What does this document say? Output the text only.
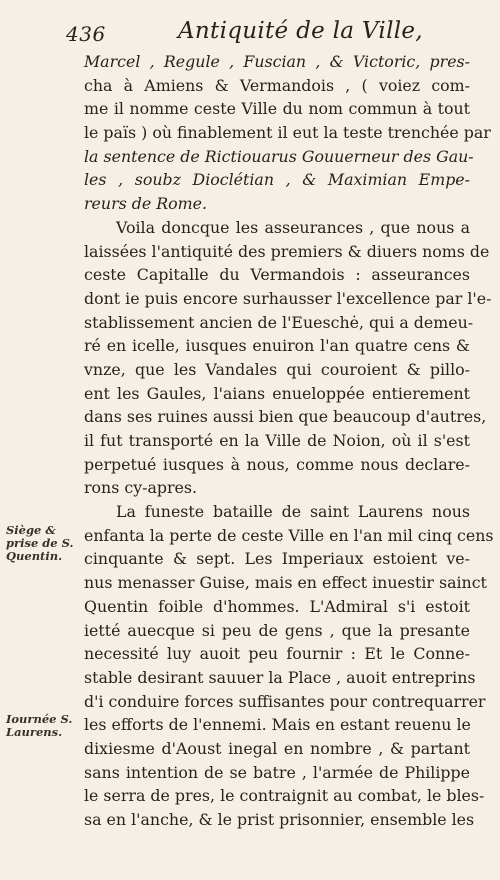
436	Antiquité de la Ville,
Siège &
prise de S.
Quentin.
Iournée S.
Laurens.
Marcel , Regule , Fuscian , & Victoric, pres-
cha à Amiens & Vermandois , ( voiez com-
me il nomme ceste Ville du nom commun à tout
le païs ) où finablement il eut la teste trenchée par
la sentence de Rictiouarus Gouuerneur des Gau-
les , soubz Dioclétian , & Maximian Empe-
reurs de Rome.
Voila doncque les asseurances , que nous a
laissées l'antiquité des premiers & diuers noms de
ceste Capitalle du Vermandois : asseurances
dont ie puis encore surhausser l'excellence par l'e-
stablissement ancien de l'Eueschė, qui a demeu-
ré en icelle, iusques enuiron l'an quatre cens &
vnze, que les Vandales qui couroient & pillo-
ent les Gaules, l'aians enueloppée entierement
dans ses ruines aussi bien que beaucoup d'autres,
il fut transporté en la Ville de Noion, où il s'est
perpetué iusques à nous, comme nous declare-
rons cy-apres.
La funeste bataille de saint Laurens nous
enfanta la perte de ceste Ville en l'an mil cinq cens
cinquante & sept. Les Imperiaux estoient ve-
nus menasser Guise, mais en effect inuestir sainct
Quentin foible d'hommes. L'Admiral s'i estoit
ietté auecque si peu de gens , que la presante
necessité luy auoit peu fournir : Et le Conne-
stable desirant sauuer la Place , auoit entreprins
d'i conduire forces suffisantes pour contrequarrer
les efforts de l'ennemi. Mais en estant reuenu le
dixiesme d'Aoust inegal en nombre , & partant
sans intention de se batre , l'armée de Philippe
le serra de pres, le contraignit au combat, le bles-
sa en l'anche, & le prist prisonnier, ensemble les
